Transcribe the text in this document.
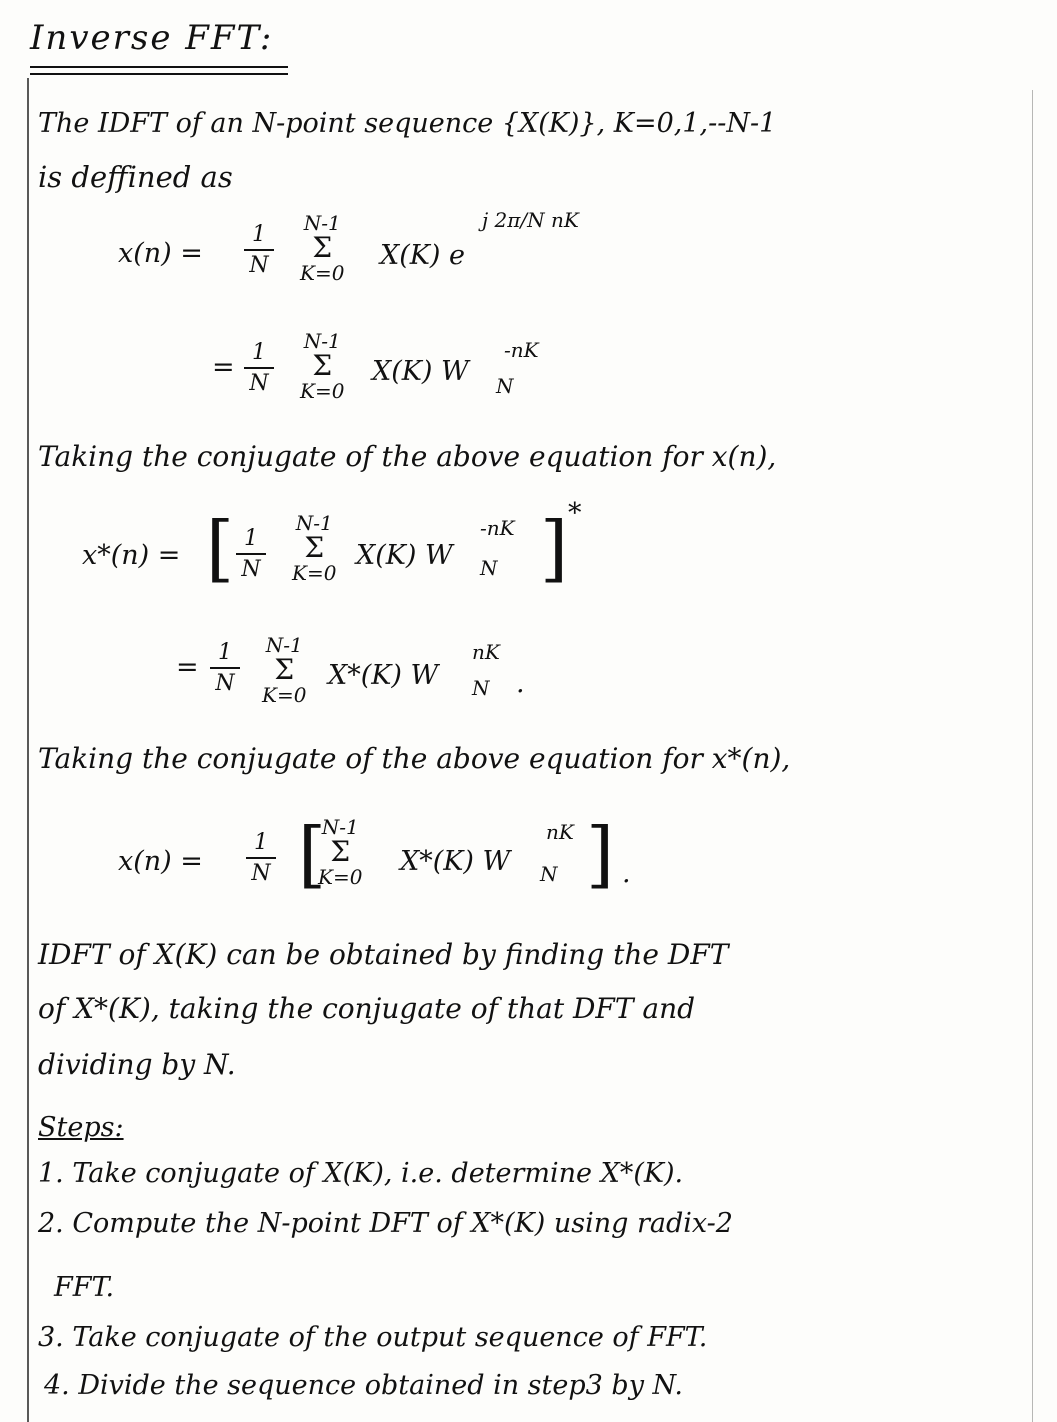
Inverse FFT:
The IDFT of an N-point sequence {X(K)}, K=0,1,--N-1
is deffined as
x(n) =
1
N
N-1
Σ
K=0
X(K) e
j 2π/N nK
= 1
N
N-1
Σ
K=0
X(K) W N
-nK
Taking the conjugate of the above equation for x(n),
x*(n) = [ 1
N
N-1
Σ
K=0
X(K) W N
-nK ] *
= 1
N
N-1
Σ
K=0
X*(K) W N
nK
.
Taking the conjugate of the above equation for x*(n),
x(n) =
1
N [
N-1
Σ
K=0 X*(K) W N
nK ] .
IDFT of X(K) can be obtained by finding the DFT
of X*(K), taking the conjugate of that DFT and
dividing by N.
Steps:
1. Take conjugate of X(K), i.e. determine X*(K).
2. Compute the N-point DFT of X*(K) using radix-2
FFT.
3. Take conjugate of the output sequence of FFT.
4. Divide the sequence obtained in step3 by N.
